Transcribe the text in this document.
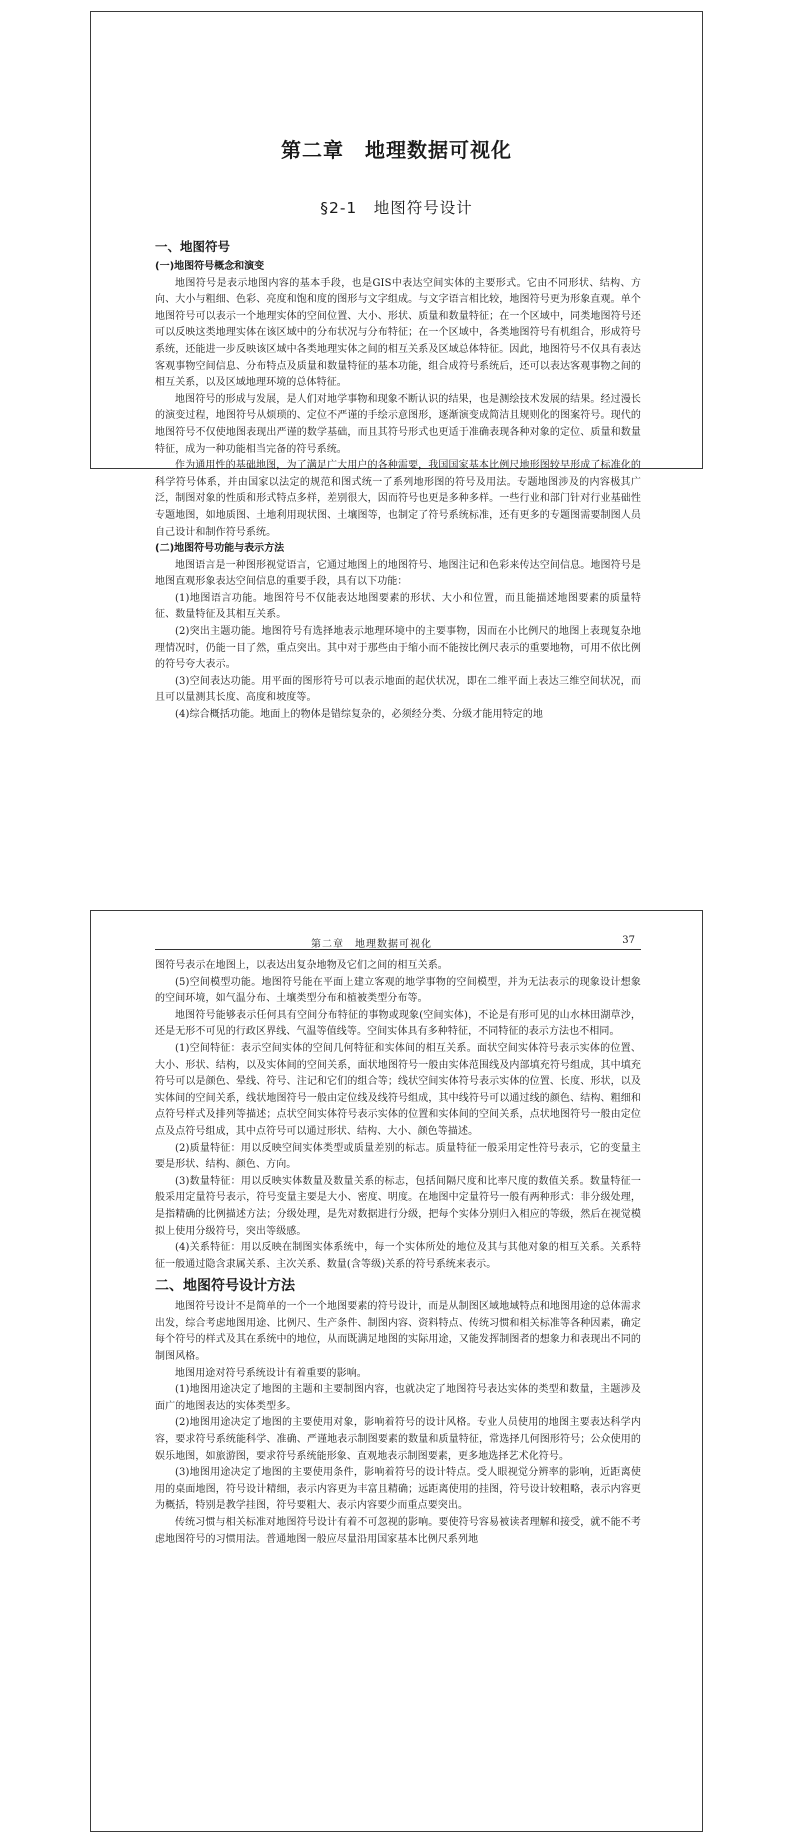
第二章　地理数据可视化
§2-1　地图符号设计

一、地图符号

(一)地图符号概念和演变

地图符号是表示地图内容的基本手段，也是GIS中表达空间实体的主要形式。它由不同形状、结构、方向、大小与粗细、色彩、亮度和饱和度的图形与文字组成。与文字语言相比较，地图符号更为形象直观。单个地图符号可以表示一个地理实体的空间位置、大小、形状、质量和数量特征；在一个区域中，同类地图符号还可以反映这类地理实体在该区域中的分布状况与分布特征；在一个区域中，各类地图符号有机组合，形成符号系统，还能进一步反映该区域中各类地理实体之间的相互关系及区域总体特征。因此，地图符号不仅具有表达客观事物空间信息、分布特点及质量和数量特征的基本功能，组合成符号系统后，还可以表达客观事物之间的相互关系，以及区域地理环境的总体特征。

地图符号的形成与发展，是人们对地学事物和现象不断认识的结果，也是测绘技术发展的结果。经过漫长的演变过程，地图符号从烦琐的、定位不严谨的手绘示意图形，逐渐演变成简洁且规则化的图案符号。现代的地图符号不仅使地图表现出严谨的数学基础，而且其符号形式也更适于准确表现各种对象的定位、质量和数量特征，成为一种功能相当完备的符号系统。

作为通用性的基础地图，为了满足广大用户的各种需要，我国国家基本比例尺地形图较早形成了标准化的科学符号体系，并由国家以法定的规范和图式统一了系列地形图的符号及用法。专题地图涉及的内容极其广泛，制图对象的性质和形式特点多样，差别很大，因而符号也更是多种多样。一些行业和部门针对行业基础性专题地图，如地质图、土地利用现状图、土壤图等，也制定了符号系统标准，还有更多的专题图需要制图人员自己设计和制作符号系统。

(二)地图符号功能与表示方法

地图语言是一种图形视觉语言，它通过地图上的地图符号、地图注记和色彩来传达空间信息。地图符号是地图直观形象表达空间信息的重要手段，具有以下功能：

(1)地图语言功能。地图符号不仅能表达地图要素的形状、大小和位置，而且能描述地图要素的质量特征、数量特征及其相互关系。

(2)突出主题功能。地图符号有选择地表示地理环境中的主要事物，因而在小比例尺的地图上表现复杂地理情况时，仍能一目了然，重点突出。其中对于那些由于缩小而不能按比例尺表示的重要地物，可用不依比例的符号夸大表示。

(3)空间表达功能。用平面的图形符号可以表示地面的起伏状况，即在二维平面上表达三维空间状况，而且可以量测其长度、高度和坡度等。

(4)综合概括功能。地面上的物体是错综复杂的，必须经分类、分级才能用特定的地

第二章　地理数据可视化	37

图符号表示在地图上，以表达出复杂地物及它们之间的相互关系。

(5)空间模型功能。地图符号能在平面上建立客观的地学事物的空间模型，并为无法表示的现象设计想象的空间环境，如气温分布、土壤类型分布和植被类型分布等。

地图符号能够表示任何具有空间分布特征的事物或现象(空间实体)，不论是有形可见的山水林田湖草沙，还是无形不可见的行政区界线、气温等值线等。空间实体具有多种特征，不同特征的表示方法也不相同。

(1)空间特征：表示空间实体的空间几何特征和实体间的相互关系。面状空间实体符号表示实体的位置、大小、形状、结构，以及实体间的空间关系，面状地图符号一般由实体范围线及内部填充符号组成，其中填充符号可以是颜色、晕线、符号、注记和它们的组合等；线状空间实体符号表示实体的位置、长度、形状，以及实体间的空间关系，线状地图符号一般由定位线及线符号组成，其中线符号可以通过线的颜色、结构、粗细和点符号样式及排列等描述；点状空间实体符号表示实体的位置和实体间的空间关系，点状地图符号一般由定位点及点符号组成，其中点符号可以通过形状、结构、大小、颜色等描述。

(2)质量特征：用以反映空间实体类型或质量差别的标志。质量特征一般采用定性符号表示，它的变量主要是形状、结构、颜色、方向。

(3)数量特征：用以反映实体数量及数量关系的标志，包括间隔尺度和比率尺度的数值关系。数量特征一般采用定量符号表示，符号变量主要是大小、密度、明度。在地图中定量符号一般有两种形式：非分级处理，是指精确的比例描述方法；分级处理，是先对数据进行分级，把每个实体分别归入相应的等级，然后在视觉模拟上使用分级符号，突出等级感。

(4)关系特征：用以反映在制图实体系统中，每一个实体所处的地位及其与其他对象的相互关系。关系特征一般通过隐含隶属关系、主次关系、数量(含等级)关系的符号系统来表示。

二、地图符号设计方法

地图符号设计不是简单的一个一个地图要素的符号设计，而是从制图区域地域特点和地图用途的总体需求出发，综合考虑地图用途、比例尺、生产条件、制图内容、资料特点、传统习惯和相关标准等各种因素，确定每个符号的样式及其在系统中的地位，从而既满足地图的实际用途，又能发挥制图者的想象力和表现出不同的制图风格。

地图用途对符号系统设计有着重要的影响。

(1)地图用途决定了地图的主题和主要制图内容，也就决定了地图符号表达实体的类型和数量，主题涉及面广的地图表达的实体类型多。

(2)地图用途决定了地图的主要使用对象，影响着符号的设计风格。专业人员使用的地图主要表达科学内容，要求符号系统能科学、准确、严谨地表示制图要素的数量和质量特征，常选择几何图形符号；公众使用的娱乐地图，如旅游图，要求符号系统能形象、直观地表示制图要素，更多地选择艺术化符号。

(3)地图用途决定了地图的主要使用条件，影响着符号的设计特点。受人眼视觉分辨率的影响，近距离使用的桌面地图，符号设计精细，表示内容更为丰富且精确；远距离使用的挂图，符号设计较粗略，表示内容更为概括，特别是教学挂图，符号要粗大、表示内容要少而重点要突出。

传统习惯与相关标准对地图符号设计有着不可忽视的影响。要使符号容易被读者理解和接受，就不能不考虑地图符号的习惯用法。普通地图一般应尽量沿用国家基本比例尺系列地
